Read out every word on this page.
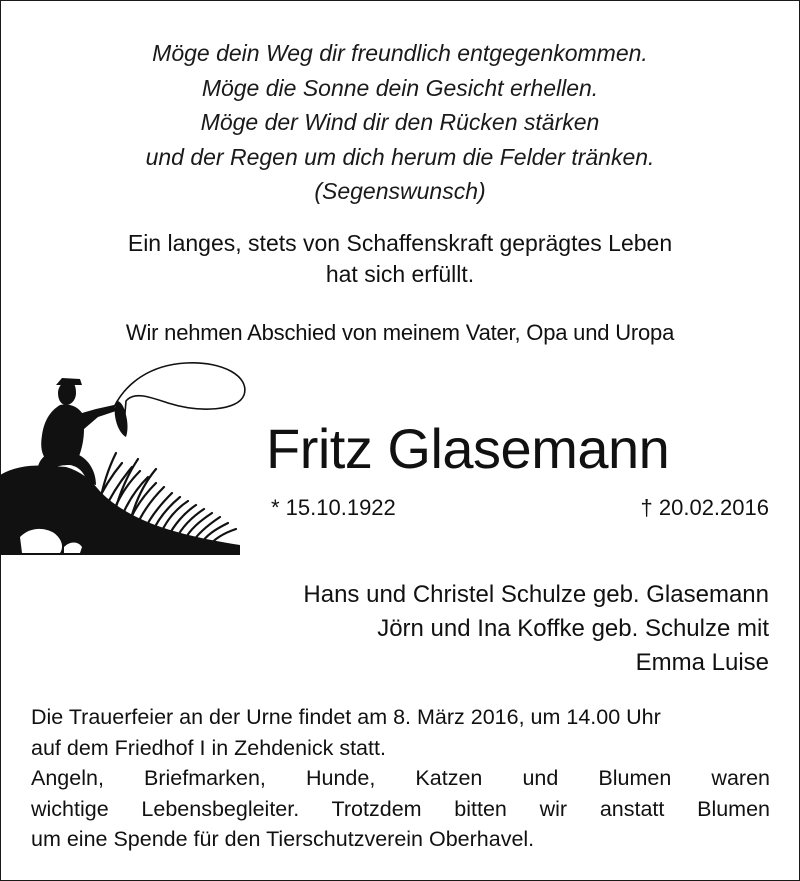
Möge dein Weg dir freundlich entgegenkommen.
Möge die Sonne dein Gesicht erhellen.
Möge der Wind dir den Rücken stärken
und der Regen um dich herum die Felder tränken.
(Segenswunsch)
Ein langes, stets von Schaffenskraft geprägtes Leben
hat sich erfüllt.
Wir nehmen Abschied von meinem Vater, Opa und Uropa
Fritz Glasemann
* 15.10.1922	† 20.02.2016
Hans und Christel Schulze geb. Glasemann
Jörn und Ina Koffke geb. Schulze mit
Emma Luise
Die Trauerfeier an der Urne findet am 8. März 2016, um 14.00 Uhr
auf dem Friedhof I in Zehdenick statt.
Angeln, Briefmarken, Hunde, Katzen und Blumen waren
wichtige Lebensbegleiter. Trotzdem bitten wir anstatt Blumen
um eine Spende für den Tierschutzverein Oberhavel.
